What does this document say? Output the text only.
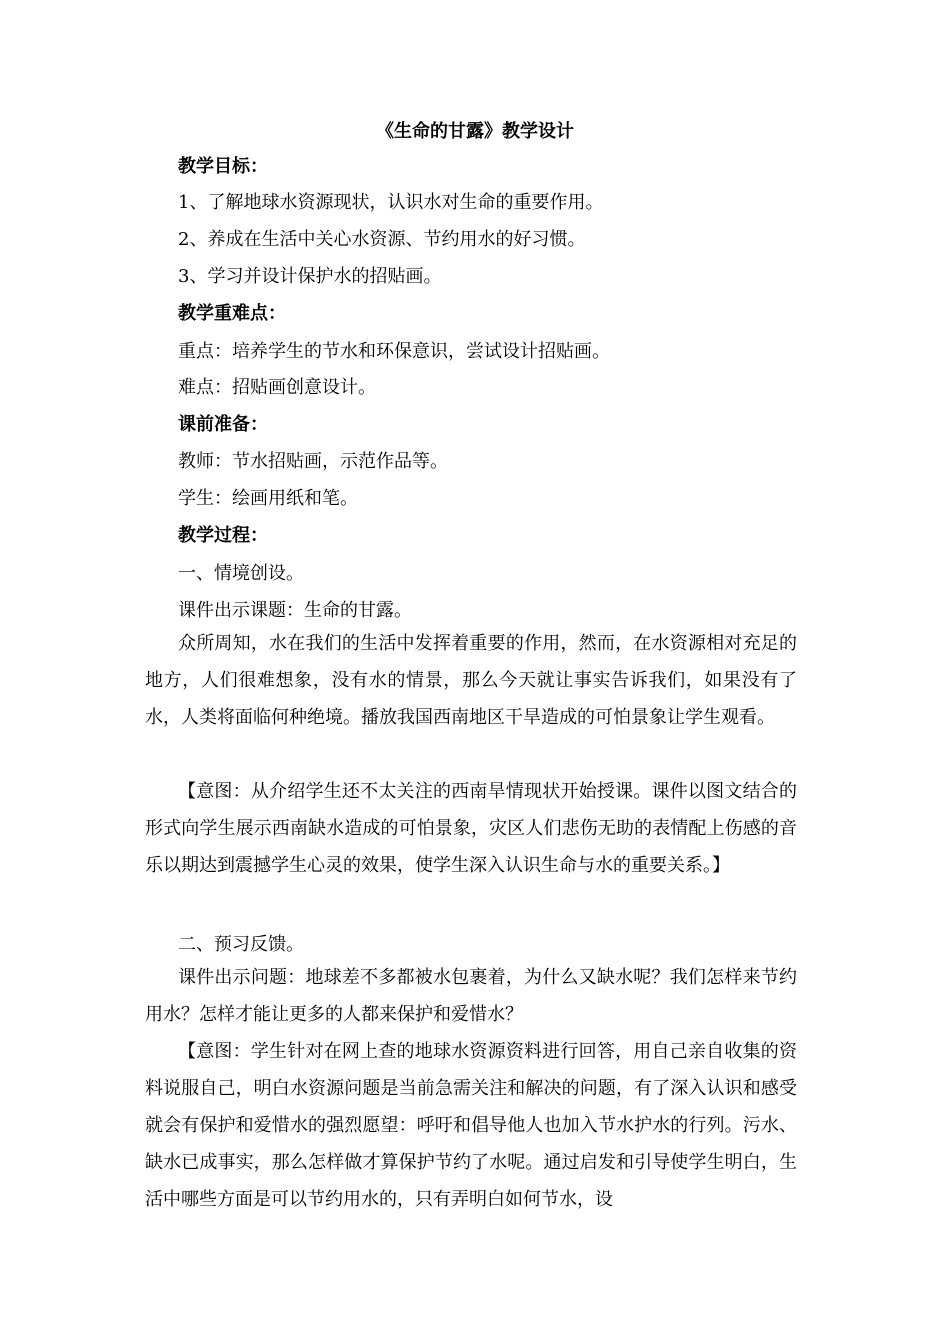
《生命的甘露》教学设计
教学目标：
1、了解地球水资源现状，认识水对生命的重要作用。
2、养成在生活中关心水资源、节约用水的好习惯。
3、学习并设计保护水的招贴画。
教学重难点：
重点：培养学生的节水和环保意识，尝试设计招贴画。
难点：招贴画创意设计。
课前准备：
教师：节水招贴画，示范作品等。
学生：绘画用纸和笔。
教学过程：
一、情境创设。
课件出示课题：生命的甘露。
众所周知，水在我们的生活中发挥着重要的作用，然而，在水资源相对充足的地方，人们很难想象，没有水的情景，那么今天就让事实告诉我们，如果没有了水，人类将面临何种绝境。播放我国西南地区干旱造成的可怕景象让学生观看。
【意图：从介绍学生还不太关注的西南旱情现状开始授课。课件以图文结合的形式向学生展示西南缺水造成的可怕景象，灾区人们悲伤无助的表情配上伤感的音乐以期达到震撼学生心灵的效果，使学生深入认识生命与水的重要关系。】
二、预习反馈。
课件出示问题：地球差不多都被水包裹着，为什么又缺水呢？我们怎样来节约用水？怎样才能让更多的人都来保护和爱惜水？
【意图：学生针对在网上查的地球水资源资料进行回答，用自己亲自收集的资料说服自己，明白水资源问题是当前急需关注和解决的问题，有了深入认识和感受就会有保护和爱惜水的强烈愿望：呼吁和倡导他人也加入节水护水的行列。污水、缺水已成事实，那么怎样做才算保护节约了水呢。通过启发和引导使学生明白，生活中哪些方面是可以节约用水的，只有弄明白如何节水，设
